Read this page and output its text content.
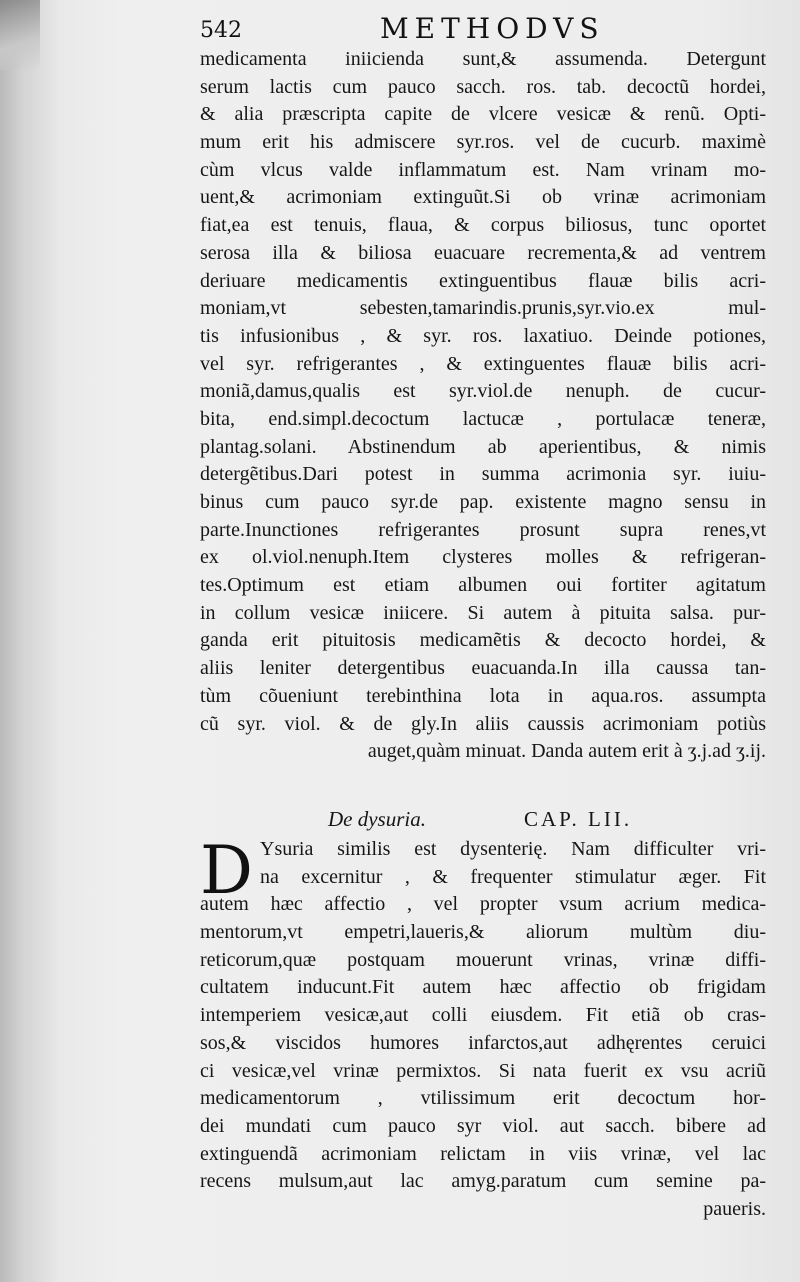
542	METHODVS
medicamenta iniicienda sunt,& assumenda. Detergunt
serum lactis cum pauco sacch. ros. tab. decoctũ hordei,
& alia præscripta capite de vlcere vesicæ & renũ. Opti-
mum erit his admiscere syr.ros. vel de cucurb. maximè
cùm vlcus valde inflammatum est. Nam vrinam mo-
uent,& acrimoniam extinguũt.Si ob vrinæ acrimoniam
fiat,ea est tenuis, flaua, & corpus biliosus, tunc oportet
serosa illa & biliosa euacuare recrementa,& ad ventrem
deriuare medicamentis extinguentibus flauæ bilis acri-
moniam,vt sebesten,tamarindis.prunis,syr.vio.ex mul-
tis infusionibus , & syr. ros. laxatiuo. Deinde potiones,
vel syr. refrigerantes , & extinguentes flauæ bilis acri-
moniã,damus,qualis est syr.viol.de nenuph. de cucur-
bita, end.simpl.decoctum lactucæ , portulacæ teneræ,
plantag.solani. Abstinendum ab aperientibus, & nimis
detergẽtibus.Dari potest in summa acrimonia syr. iuiu-
binus cum pauco syr.de pap. existente magno sensu in
parte.Inunctiones refrigerantes prosunt supra renes,vt
ex ol.viol.nenuph.Item clysteres molles & refrigeran-
tes.Optimum est etiam albumen oui fortiter agitatum
in collum vesicæ iniicere. Si autem à pituita salsa. pur-
ganda erit pituitosis medicamẽtis & decocto hordei, &
aliis leniter detergentibus euacuanda.In illa caussa tan-
tùm cõueniunt terebinthina lota in aqua.ros. assumpta
cũ syr. viol. & de gly.In aliis caussis acrimoniam potiùs
auget,quàm minuat. Danda autem erit à ʒ.j.ad ʒ.ij.
De dysuria.	CAP. LII.
D Ysuria similis est dysenterię. Nam difficulter vri-
na excernitur , & frequenter stimulatur æger. Fit
autem hæc affectio , vel propter vsum acrium medica-
mentorum,vt empetri,laueris,& aliorum multùm diu-
reticorum,quæ postquam mouerunt vrinas, vrinæ diffi-
cultatem inducunt.Fit autem hæc affectio ob frigidam
intemperiem vesicæ,aut colli eiusdem. Fit etiã ob cras-
sos,& viscidos humores infarctos,aut adhęrentes ceruici
ci vesicæ,vel vrinæ permixtos. Si nata fuerit ex vsu acriũ
medicamentorum , vtilissimum erit decoctum hor-
dei mundati cum pauco syr viol. aut sacch. bibere ad
extinguendã acrimoniam relictam in viis vrinæ, vel lac
recens mulsum,aut lac amyg.paratum cum semine pa-
paueris.
